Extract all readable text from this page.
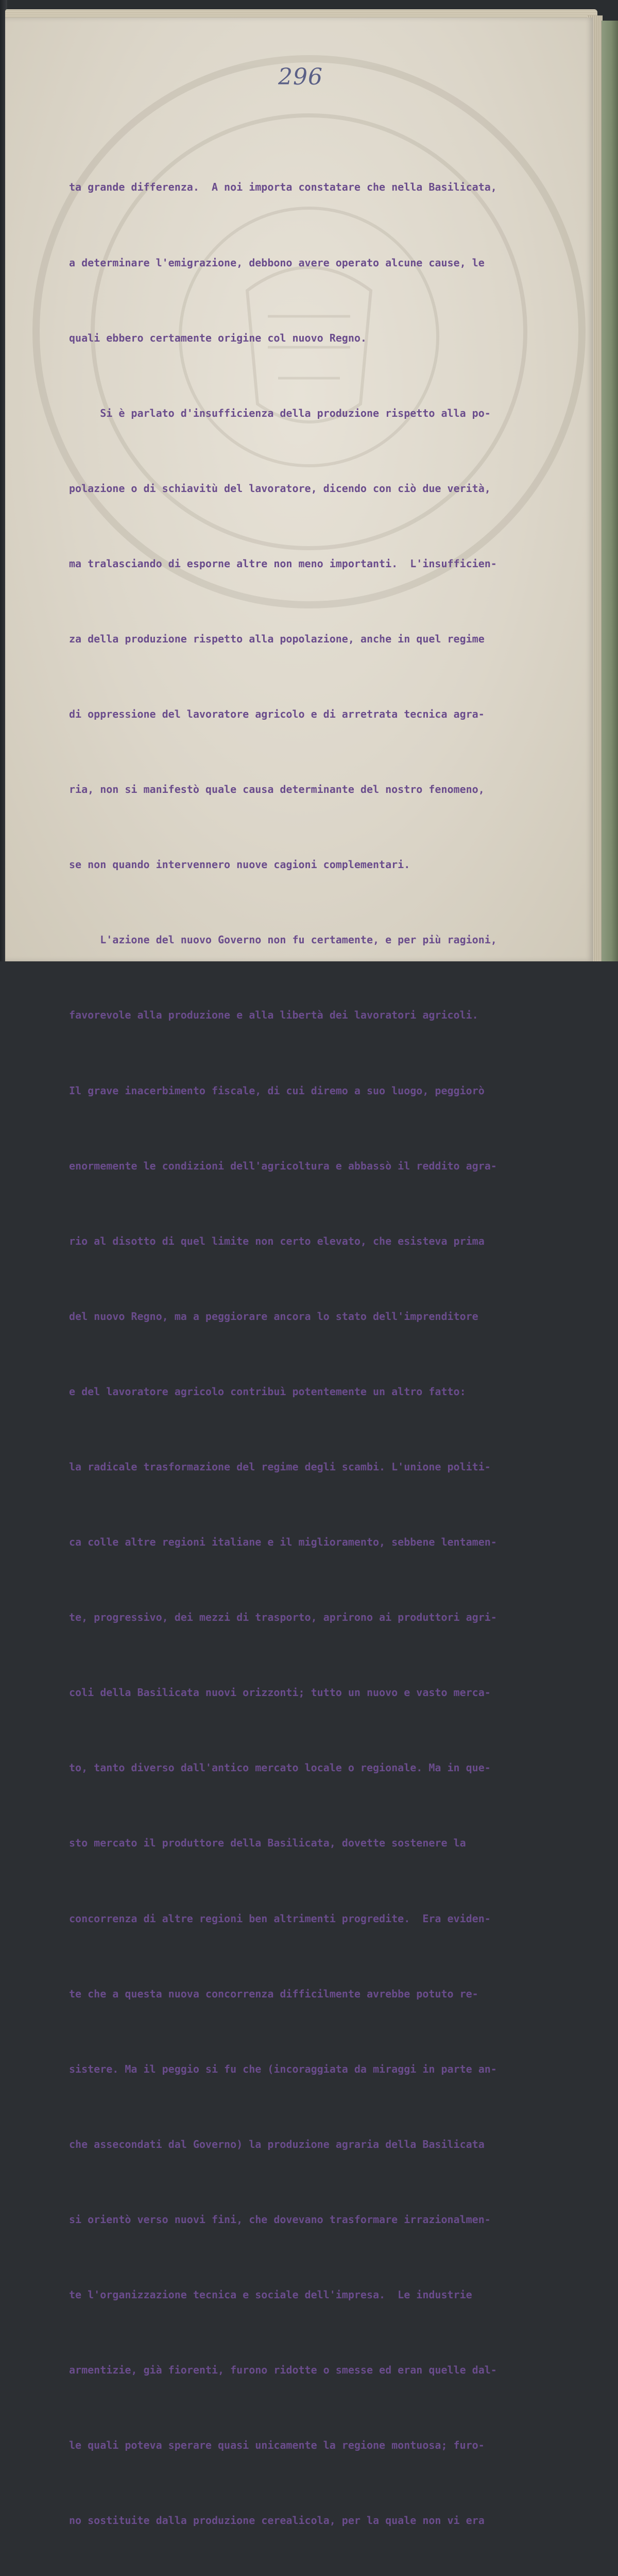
296

ta grande differenza.  A noi importa constatare che nella Basilicata,

a determinare l'emigrazione, debbono avere operato alcune cause, le

quali ebbero certamente origine col nuovo Regno.

Si è parlato d'insufficienza della produzione rispetto alla po-

polazione o di schiavitù del lavoratore, dicendo con ciò due verità,

ma tralasciando di esporne altre non meno importanti.  L'insufficien-

za della produzione rispetto alla popolazione, anche in quel regime

di oppressione del lavoratore agricolo e di arretrata tecnica agra-

ria, non si manifestò quale causa determinante del nostro fenomeno,

se non quando intervennero nuove cagioni complementari.

L'azione del nuovo Governo non fu certamente, e per più ragioni,

favorevole alla produzione e alla libertà dei lavoratori agricoli.

Il grave inacerbimento fiscale, di cui diremo a suo luogo, peggiorò

enormemente le condizioni dell'agricoltura e abbassò il reddito agra-

rio al disotto di quel limite non certo elevato, che esisteva prima

del nuovo Regno, ma a peggiorare ancora lo stato dell'imprenditore

e del lavoratore agricolo contribuì potentemente un altro fatto:

la radicale trasformazione del regime degli scambi. L'unione politi-

ca colle altre regioni italiane e il miglioramento, sebbene lentamen-

te, progressivo, dei mezzi di trasporto, aprirono ai produttori agri-

coli della Basilicata nuovi orizzonti; tutto un nuovo e vasto merca-

to, tanto diverso dall'antico mercato locale o regionale. Ma in que-

sto mercato il produttore della Basilicata, dovette sostenere la

concorrenza di altre regioni ben altrimenti progredite.  Era eviden-

te che a questa nuova concorrenza difficilmente avrebbe potuto re-

sistere. Ma il peggio si fu che (incoraggiata da miraggi in parte an-

che assecondati dal Governo) la produzione agraria della Basilicata

si orientò verso nuovi fini, che dovevano trasformare irrazionalmen-

te l'organizzazione tecnica e sociale dell'impresa.  Le industrie

armentizie, già fiorenti, furono ridotte o smesse ed eran quelle dal-

le quali poteva sperare quasi unicamente la regione montuosa; furo-

no sostituite dalla produzione cerealicola, per la quale non vi era
